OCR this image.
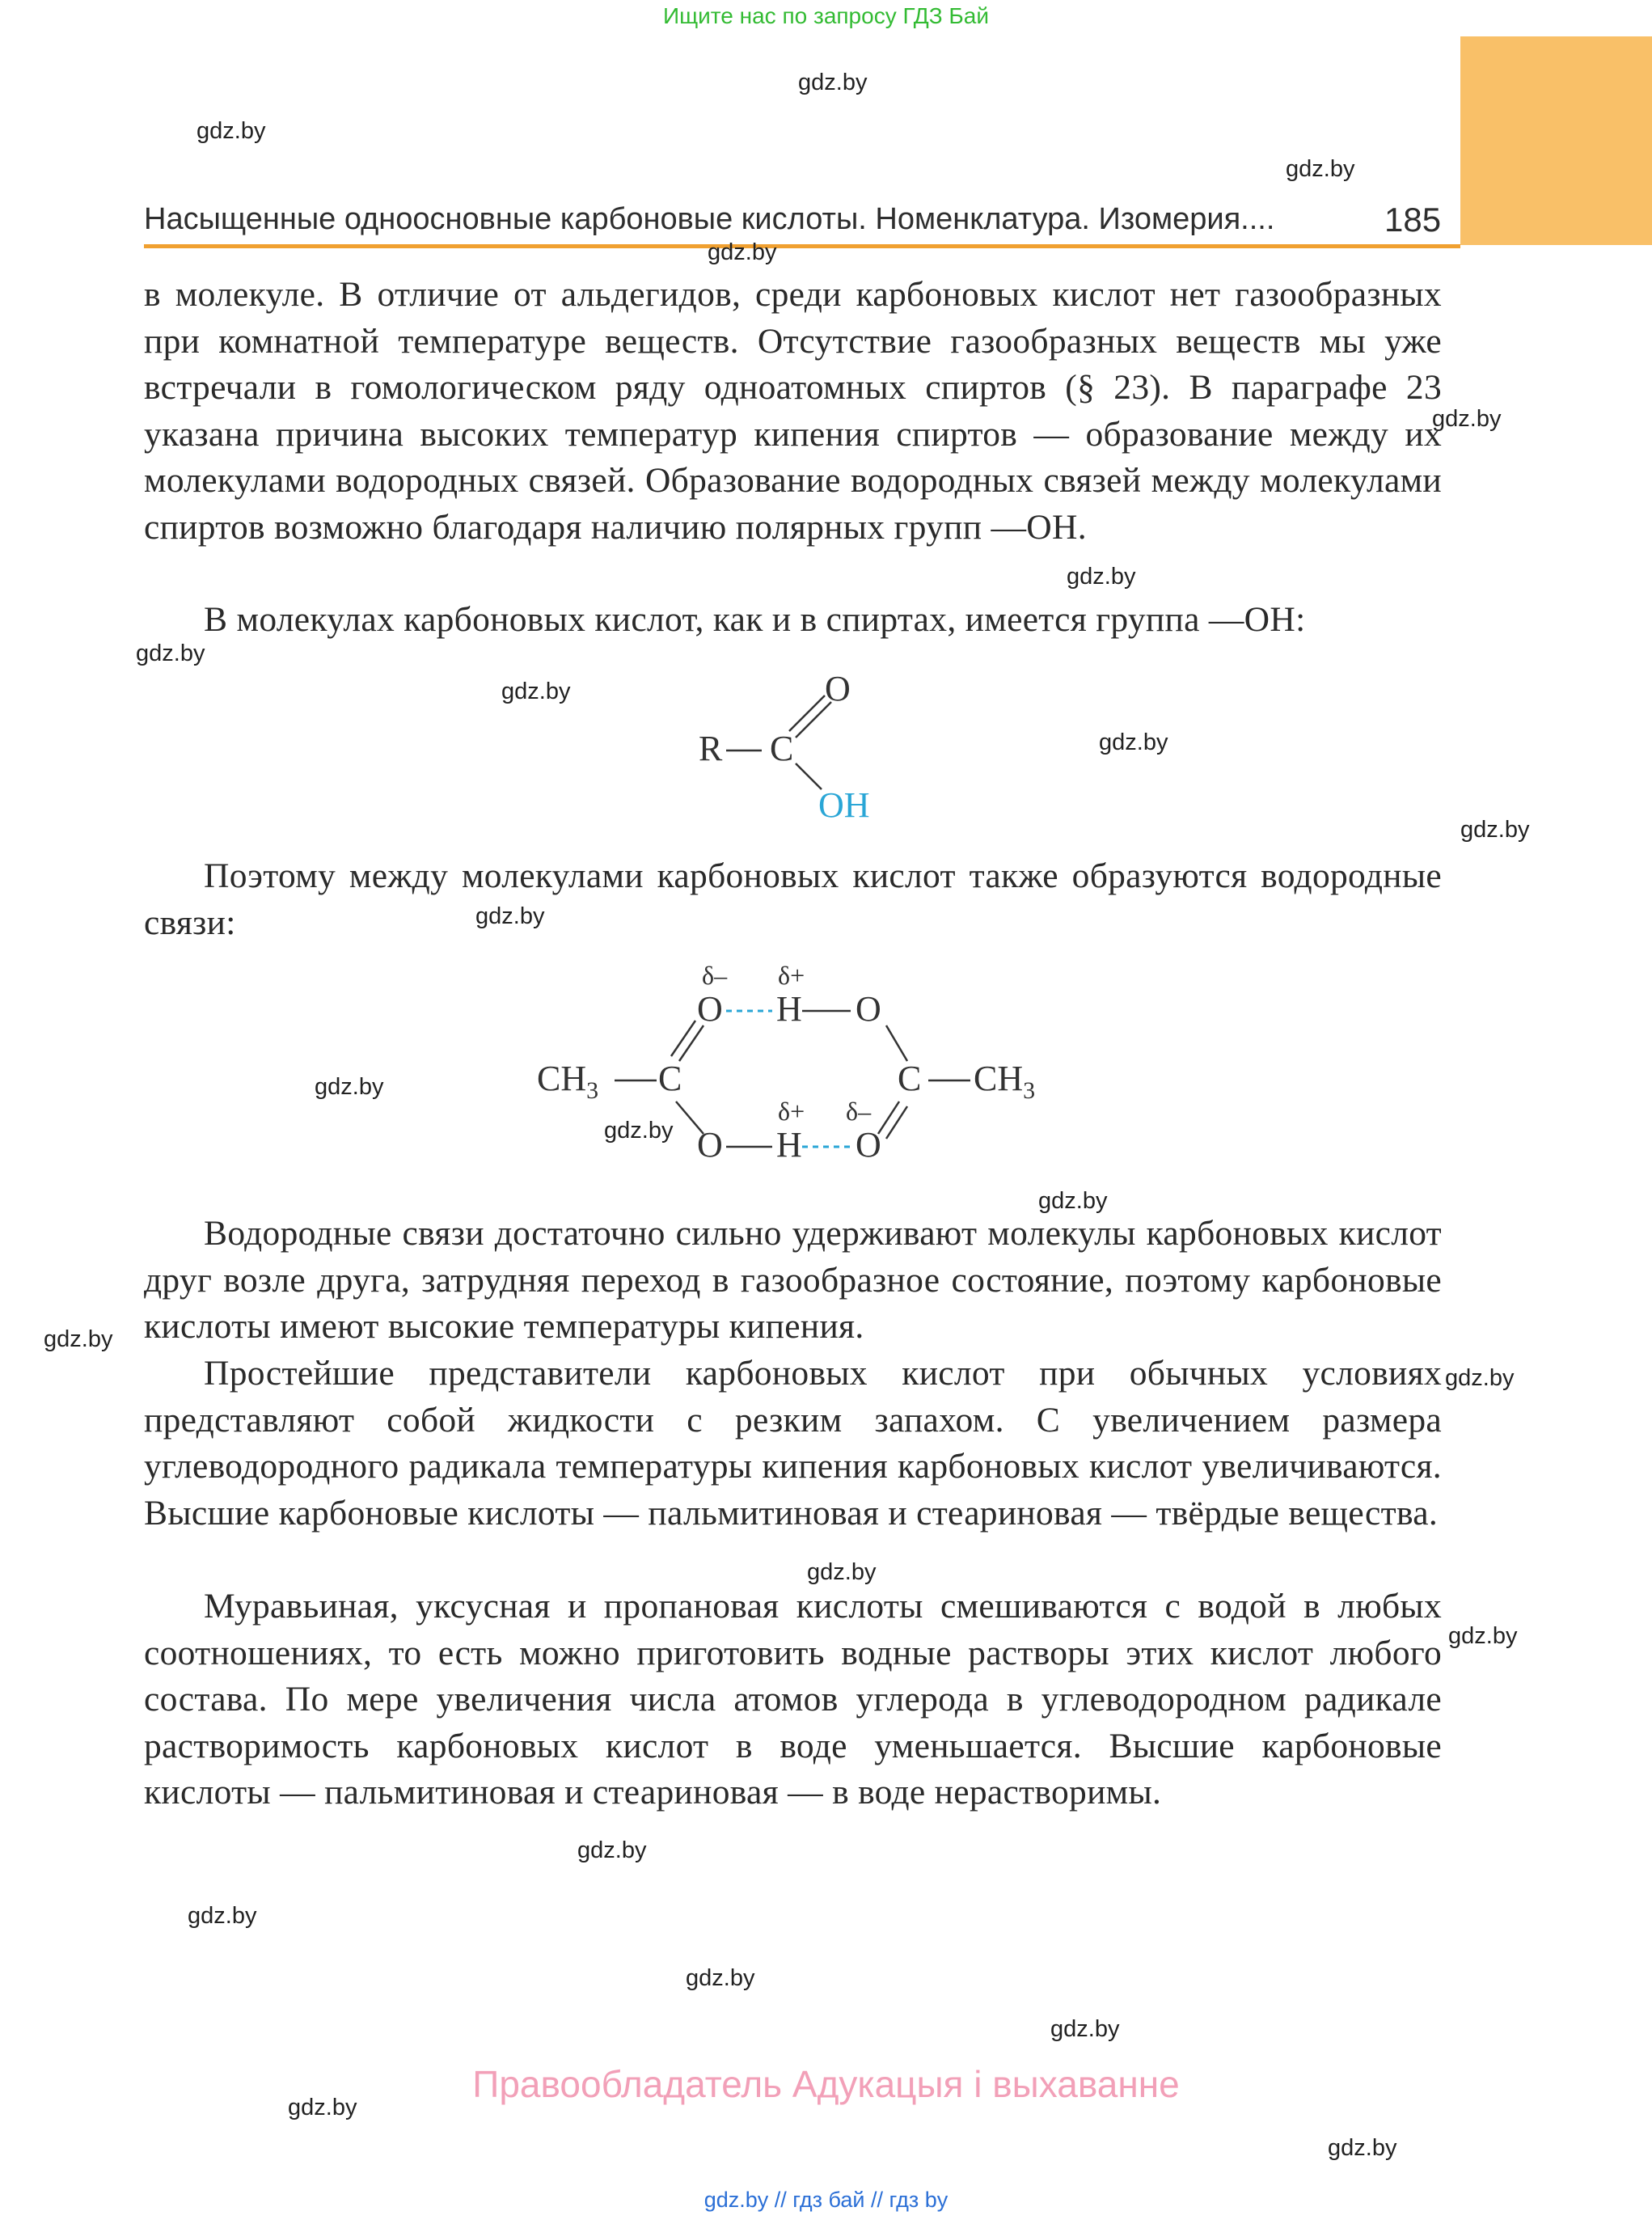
Ищите нас по запросу ГДЗ Бай
Насыщенные одноосновные карбоновые кислоты. Номенклатура. Изомерия....	185
gdz.by
gdz.by
gdz.by
gdz.by
gdz.by
gdz.by
gdz.by
gdz.by
gdz.by
gdz.by
gdz.by
gdz.by
gdz.by
gdz.by
gdz.by
gdz.by
gdz.by
gdz.by
gdz.by
gdz.by
gdz.by
gdz.by
gdz.by
gdz.by

в молекуле. В отличие от альдегидов, среди карбоновых кислот нет газообразных при комнатной температуре веществ. Отсутствие газообразных веществ мы уже встречали в гомологическом ряду одноатомных спиртов (§ 23). В параграфе 23 указана причина высоких температур кипения спиртов — образование между их молекулами водородных связей. Образование водородных связей между молекулами спиртов возможно благодаря наличию полярных групп —OH.

В молекулах карбоновых кислот, как и в спиртах, имеется группа —OH:

R C
O
OH

Поэтому между молекулами карбоновых кислот также образуются водородные связи:

δ– δ+
O H O
$CH_3$ C	C $CH_3$
δ+ δ–
O H O

Водородные связи достаточно сильно удерживают молекулы карбоновых кислот друг возле друга, затрудняя переход в газообразное состояние, поэтому карбоновые кислоты имеют высокие температуры кипения.

Простейшие представители карбоновых кислот при обычных условиях представляют собой жидкости с резким запахом. С увеличением размера углеводородного радикала температуры кипения карбоновых кислот увеличиваются. Высшие карбоновые кислоты — пальмитиновая и стеариновая — твёрдые вещества.

Муравьиная, уксусная и пропановая кислоты смешиваются с водой в любых соотношениях, то есть можно приготовить водные растворы этих кислот любого состава. По мере увеличения числа атомов углерода в углеводородном радикале растворимость карбоновых кислот в воде уменьшается. Высшие карбоновые кислоты — пальмитиновая и стеариновая — в воде нерастворимы.

Правообладатель Адукацыя і выхаванне
gdz.by // гдз бай // гдз by
